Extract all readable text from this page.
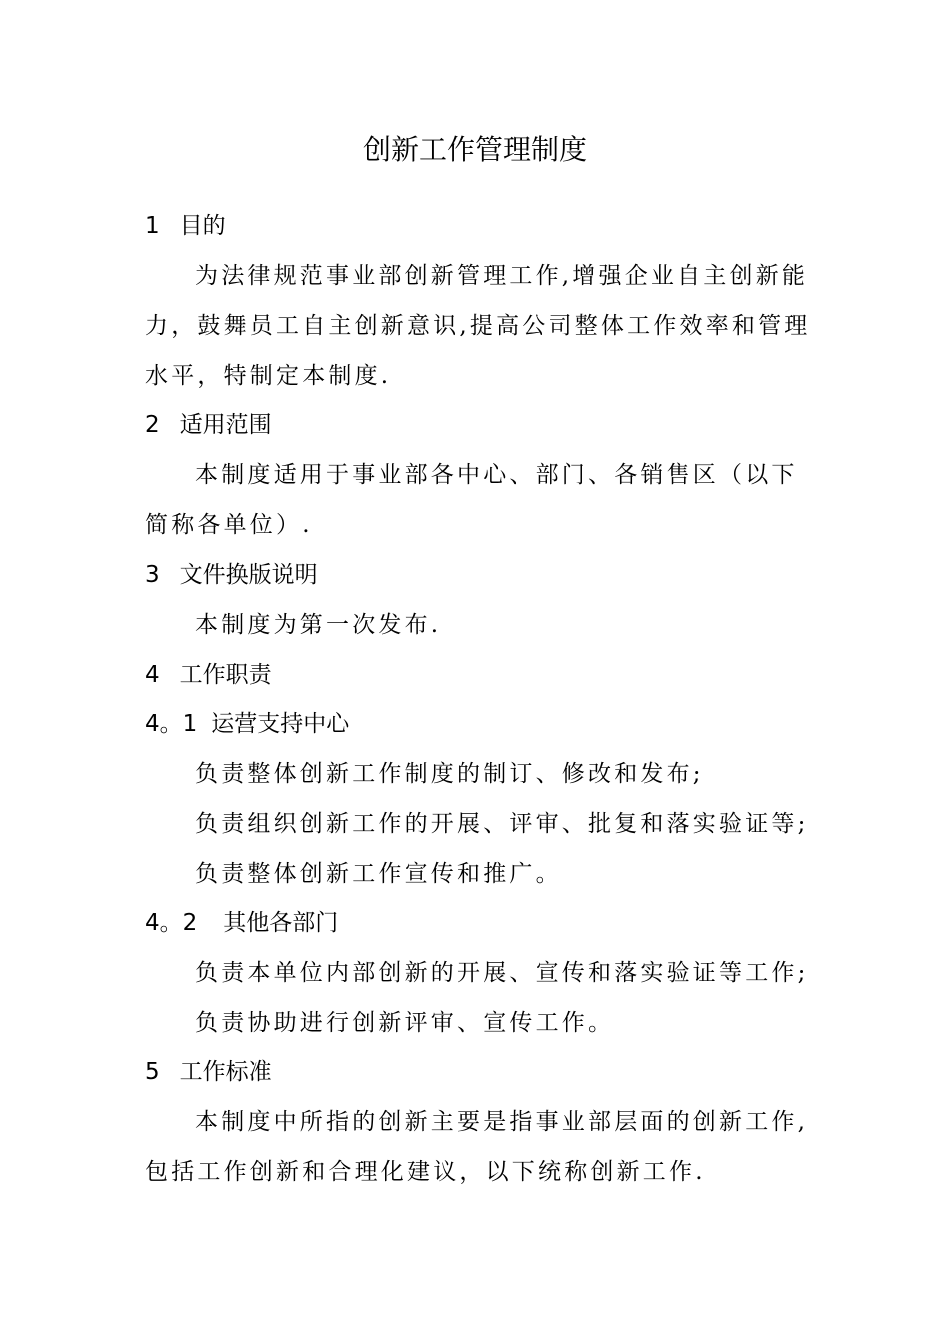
创新工作管理制度
1 目的

为法律规范事业部创新管理工作,增强企业自主创新能

力，鼓舞员工自主创新意识,提高公司整体工作效率和管理

水平，特制定本制度.

2 适用范围

本制度适用于事业部各中心、部门、各销售区（以下

简称各单位）.

3 文件换版说明

本制度为第一次发布.

4 工作职责
4。1 运营支持中心

负责整体创新工作制度的制订、修改和发布;

负责组织创新工作的开展、评审、批复和落实验证等;

负责整体创新工作宣传和推广。

4。2 其他各部门

负责本单位内部创新的开展、宣传和落实验证等工作;

负责协助进行创新评审、宣传工作。

5 工作标准

本制度中所指的创新主要是指事业部层面的创新工作,

包括工作创新和合理化建议，以下统称创新工作.
